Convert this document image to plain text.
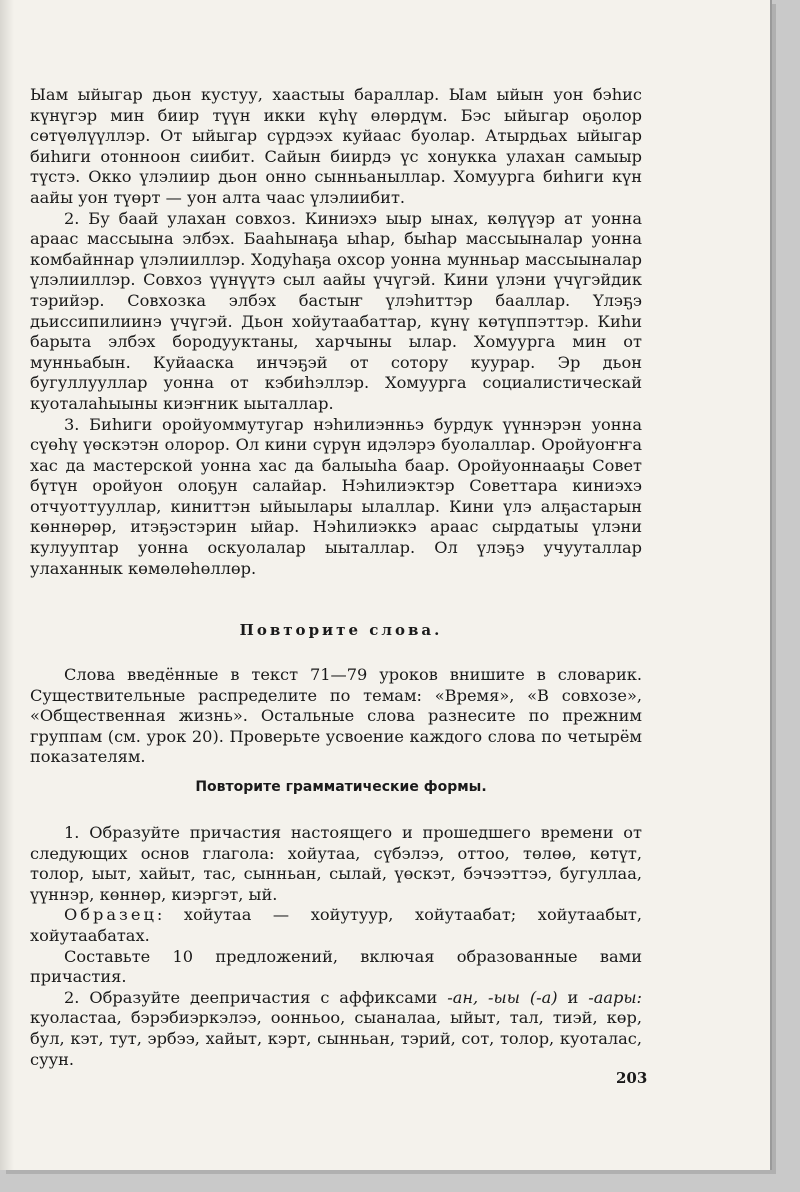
Ыам ыйыгар дьон кустуу, хаастыы бараллар. Ыам ыйын уон бэһис күнүгэр мин биир түүн икки күһү өлөрдүм. Бэс ыйыгар оҕолор сөтүөлүүллэр. От ыйыгар сүрдээх куйаас буолар. Атырдьах ыйыгар биһиги отонноон сиибит. Сайын биирдэ үс хонукка улахан самыыр түстэ. Окко үлэлиир дьон онно сынньаныллар. Хомуурга биһиги күн аайы уон түөрт — уон алта чаас үлэлиибит.

2. Бу баай улахан совхоз. Киниэхэ ыыр ынах, көлүүэр ат уонна араас массыына элбэх. Бааһынаҕа ыһар, быһар массыыналар уонна комбайннар үлэлииллэр. Ходуһаҕа охсор уонна мунньар массыыналар үлэлииллэр. Совхоз үүнүүтэ сыл аайы үчүгэй. Кини үлэни үчүгэйдик тэрийэр. Совхозка элбэх бастыҥ үлэһиттэр бааллар. Үлэҕэ дьиссипилиинэ үчүгэй. Дьон хойутаабаттар, күнү көтүппэттэр. Киһи барыта элбэх бородууктаны, харчыны ылар. Хомуурга мин от мунньабын. Куйааска инчэҕэй от сотору куурар. Эр дьон бугуллууллар уонна от кэбиһэллэр. Хомуурга социалистическай куоталаһыыны киэҥник ыыталлар.

3. Биһиги оройуоммутугар нэһилиэнньэ бурдук үүннэрэн уонна сүөһү үөскэтэн олорор. Ол кини сүрүн идэлэрэ буолаллар. Оройуоҥҥа хас да мастерской уонна хас да балыыһа баар. Оройуоннааҕы Совет бүтүн оройуон олоҕун салайар. Нэһилиэктэр Советтара киниэхэ отчуоттууллар, киниттэн ыйыылары ылаллар. Кини үлэ алҕастарын көннөрөр, итэҕэстэрин ыйар. Нэһилиэккэ араас сырдатыы үлэни кулууптар уонна оскуолалар ыыталлар. Ол үлэҕэ учууталлар улаханнык көмөлөһөллөр.

Повторите слова.

Слова введённые в текст 71—79 уроков внишите в словарик. Существительные распределите по темам: «Время», «В совхозе», «Общественная жизнь». Остальные слова разнесите по прежним группам (см. урок 20). Проверьте усвоение каждого слова по четырём показателям.

Повторите грамматические формы.

1. Образуйте причастия настоящего и прошедшего времени от следующих основ глагола: хойутаа, сүбэлээ, оттоо, төлөө, көтүт, толор, ыыт, хайыт, тас, сынньан, сылай, үөскэт, бэчээттээ, бугуллаа, үүннэр, көннөр, киэргэт, ый.

Образец: хойутаа — хойутуур, хойутаабат; хойутаабыт, хойутаабатах.

Составьте 10 предложений, включая образованные вами причастия.

2. Образуйте деепричастия с аффиксами -ан, -ыы (-а) и -аары: куоластаа, бэрэбиэркэлээ, оонньоо, сыаналаа, ыйыт, тал, тиэй, көр, бул, кэт, тут, эрбээ, хайыт, кэрт, сынньан, тэрий, сот, толор, куоталас, суун.

203
